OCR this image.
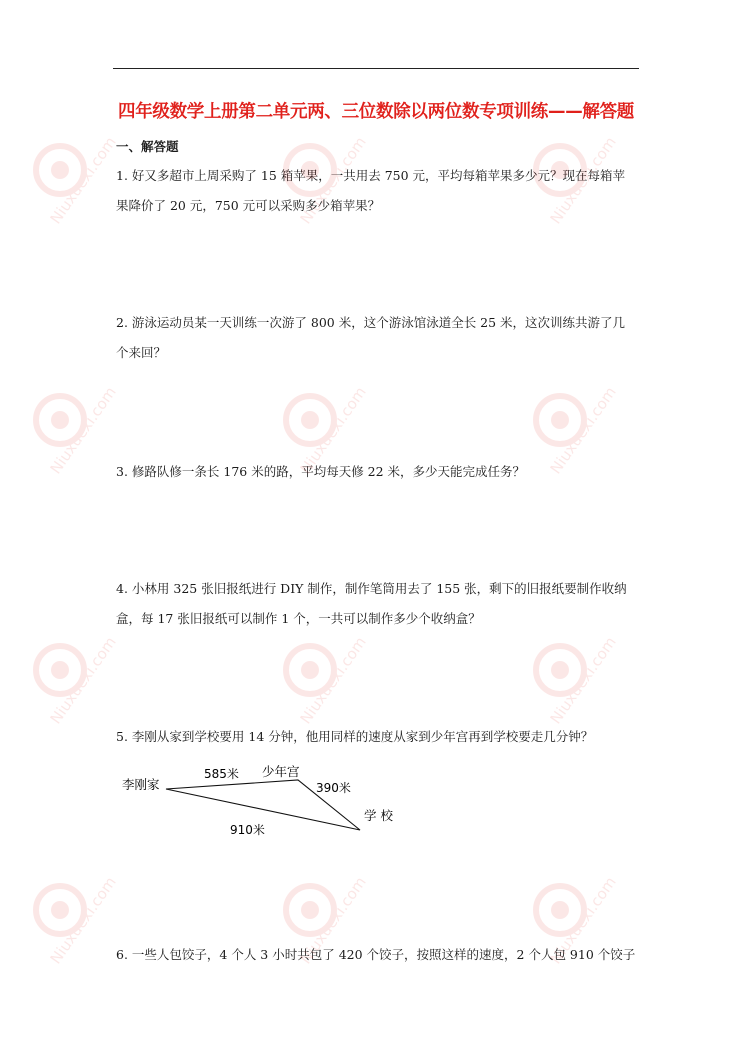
四年级数学上册第二单元两、三位数除以两位数专项训练——解答题
一、解答题

1. 好又多超市上周采购了 15 箱苹果，一共用去 750 元，平均每箱苹果多少元？现在每箱苹

果降价了 20 元，750 元可以采购多少箱苹果？

2. 游泳运动员某一天训练一次游了 800 米，这个游泳馆泳道全长 25 米，这次训练共游了几

个来回？

3. 修路队修一条长 176 米的路，平均每天修 22 米，多少天能完成任务？

4. 小林用 325 张旧报纸进行 DIY 制作，制作笔筒用去了 155 张，剩下的旧报纸要制作收纳

盒，每 17 张旧报纸可以制作 1 个，一共可以制作多少个收纳盒？

5. 李刚从家到学校要用 14 分钟，他用同样的速度从家到少年宫再到学校要走几分钟？

李刚家
少年宫
学 校
585米
390米
910米

6. 一些人包饺子，4 个人 3 小时共包了 420 个饺子，按照这样的速度，2 个人包 910 个饺子

Niuxuexi.com	Niuxuexi.com	Niuxuexi.com
Niuxuexi.com	Niuxuexi.com	Niuxuexi.com
Niuxuexi.com	Niuxuexi.com	Niuxuexi.com
Niuxuexi.com	Niuxuexi.com	Niuxuexi.com
